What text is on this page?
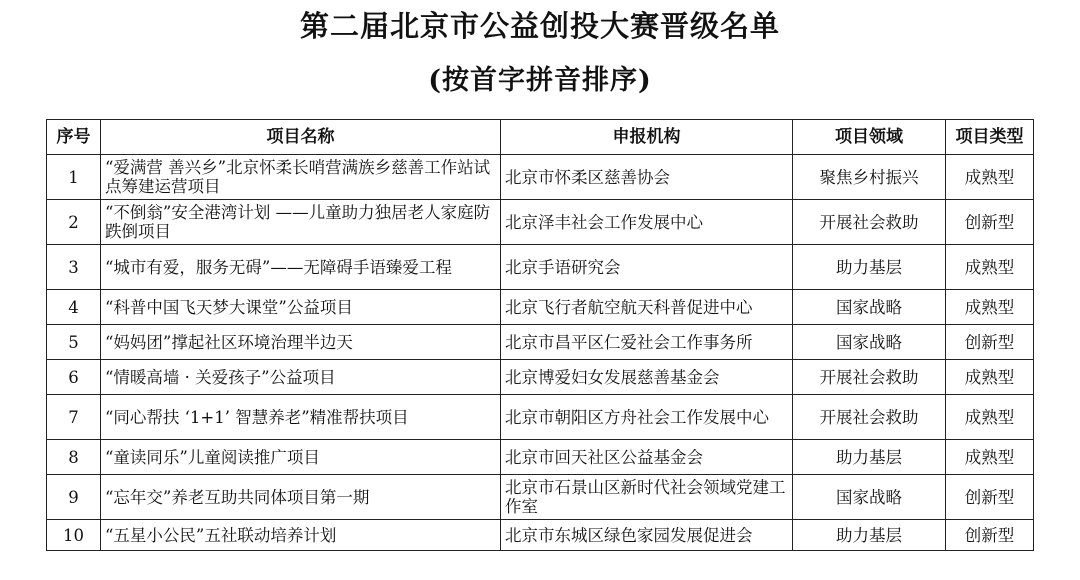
第二届北京市公益创投大赛晋级名单
(按首字拼音排序)
序号	项目名称	申报机构	项目领域	项目类型
1	“爱满营 善兴乡”北京怀柔长哨营满族乡慈善工作站试点筹建运营项目	北京市怀柔区慈善协会	聚焦乡村振兴	成熟型
2	“不倒翁”安全港湾计划 ——儿童助力独居老人家庭防跌倒项目	北京泽丰社会工作发展中心	开展社会救助	创新型
3	“城市有爱，服务无碍”——无障碍手语臻爱工程	北京手语研究会	助力基层	成熟型
4	“科普中国飞天梦大课堂”公益项目	北京飞行者航空航天科普促进中心	国家战略	成熟型
5	“妈妈团”撑起社区环境治理半边天	北京市昌平区仁爱社会工作事务所	国家战略	创新型
6	“情暖高墙 · 关爱孩子”公益项目	北京博爱妇女发展慈善基金会	开展社会救助	成熟型
7	“同心帮扶 ‘1+1’ 智慧养老”精准帮扶项目	北京市朝阳区方舟社会工作发展中心	开展社会救助	成熟型
8	“童读同乐”儿童阅读推广项目	北京市回天社区公益基金会	助力基层	成熟型
9	“忘年交”养老互助共同体项目第一期	北京市石景山区新时代社会领域党建工作室	国家战略	创新型
10	“五星小公民”五社联动培养计划	北京市东城区绿色家园发展促进会	助力基层	创新型
